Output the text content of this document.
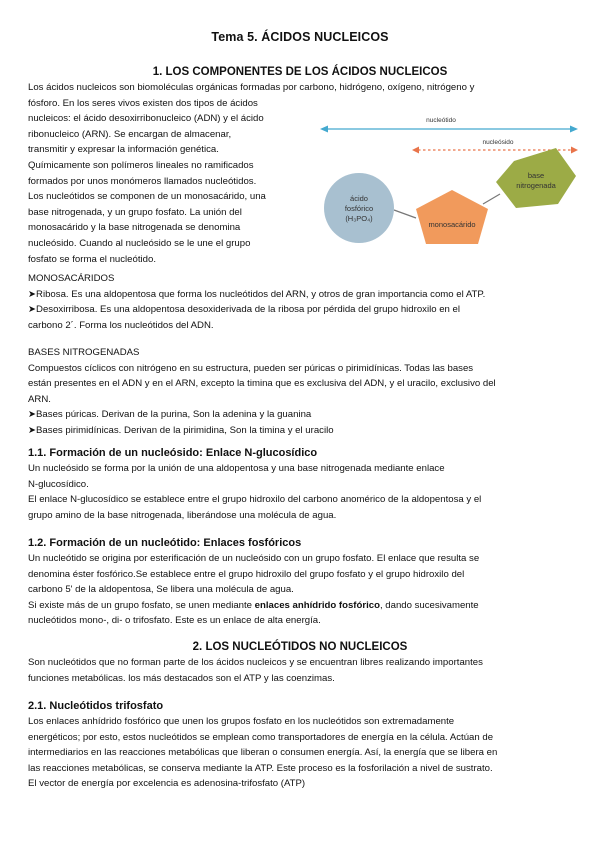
Tema 5. ÁCIDOS NUCLEICOS
1. LOS COMPONENTES DE LOS ÁCIDOS NUCLEICOS
Los ácidos nucleicos son biomoléculas orgánicas formadas por carbono, hidrógeno, oxígeno, nitrógeno y
fósforo. En los seres vivos existen dos tipos de ácidos
nucleicos: el ácido desoxirribonucleico (ADN) y el ácido
ribonucleico (ARN). Se encargan de almacenar,
transmitir y expresar la información genética.
Químicamente son polímeros lineales no ramificados
formados por unos monómeros llamados nucleótidos.
Los nucleótidos se componen de un monosacárido, una
base nitrogenada, y un grupo fosfato. La unión del
monosacárido y la base nitrogenada se denomina
nucleósido. Cuando al nucleósido se le une el grupo
fosfato se forma el nucleótido.
nucleótido
nucleósido
ácido
fosfórico
(H₃PO₄)
monosacárido
base
nitrogenada
MONOSACÁRIDOS
➤Ribosa. Es una aldopentosa que forma los nucleótidos del ARN, y otros de gran importancia como el ATP.
➤Desoxirribosa. Es una aldopentosa desoxiderivada de la ribosa por pérdida del grupo hidroxilo en el
carbono 2´. Forma los nucleótidos del ADN.
BASES NITROGENADAS
Compuestos cíclicos con nitrógeno en su estructura, pueden ser púricas o pirimidínicas. Todas las bases
están presentes en el ADN y en el ARN, excepto la timina que es exclusiva del ADN, y el uracilo, exclusivo del
ARN.
➤Bases púricas. Derivan de la purina, Son la adenina y la guanina
➤Bases pirimidínicas. Derivan de la pirimidina, Son la timina y el uracilo
1.1. Formación de un nucleósido: Enlace N-glucosídico
Un nucleósido se forma por la unión de una aldopentosa y una base nitrogenada mediante enlace
N-glucosídico.
El enlace N-glucosídico se establece entre el grupo hidroxilo del carbono anomérico de la aldopentosa y el
grupo amino de la base nitrogenada, liberándose una molécula de agua.
1.2. Formación de un nucleótido: Enlaces fosfóricos
Un nucleótido se origina por esterificación de un nucleósido con un grupo fosfato. El enlace que resulta se
denomina éster fosfórico.Se establece entre el grupo hidroxilo del grupo fosfato y el grupo hidroxilo del
carbono 5' de la aldopentosa, Se libera una molécula de agua.
Si existe más de un grupo fosfato, se unen mediante enlaces anhídrido fosfórico, dando sucesivamente
nucleótidos mono-, di- o trifosfato. Este es un enlace de alta energía.
2. LOS NUCLEÓTIDOS NO NUCLEICOS
Son nucleótidos que no forman parte de los ácidos nucleicos y se encuentran libres realizando importantes
funciones metabólicas. los más destacados son el ATP y las coenzimas.
2.1. Nucleótidos trifosfato
Los enlaces anhídrido fosfórico que unen los grupos fosfato en los nucleótidos son extremadamente
energéticos; por esto, estos nucleótidos se emplean como transportadores de energía en la célula. Actúan de
intermediarios en las reacciones metabólicas que liberan o consumen energía. Así, la energía que se libera en
las reacciones metabólicas, se conserva mediante la ATP. Este proceso es la fosforilación a nivel de sustrato.
El vector de energía por excelencia es adenosina-trifosfato (ATP)
